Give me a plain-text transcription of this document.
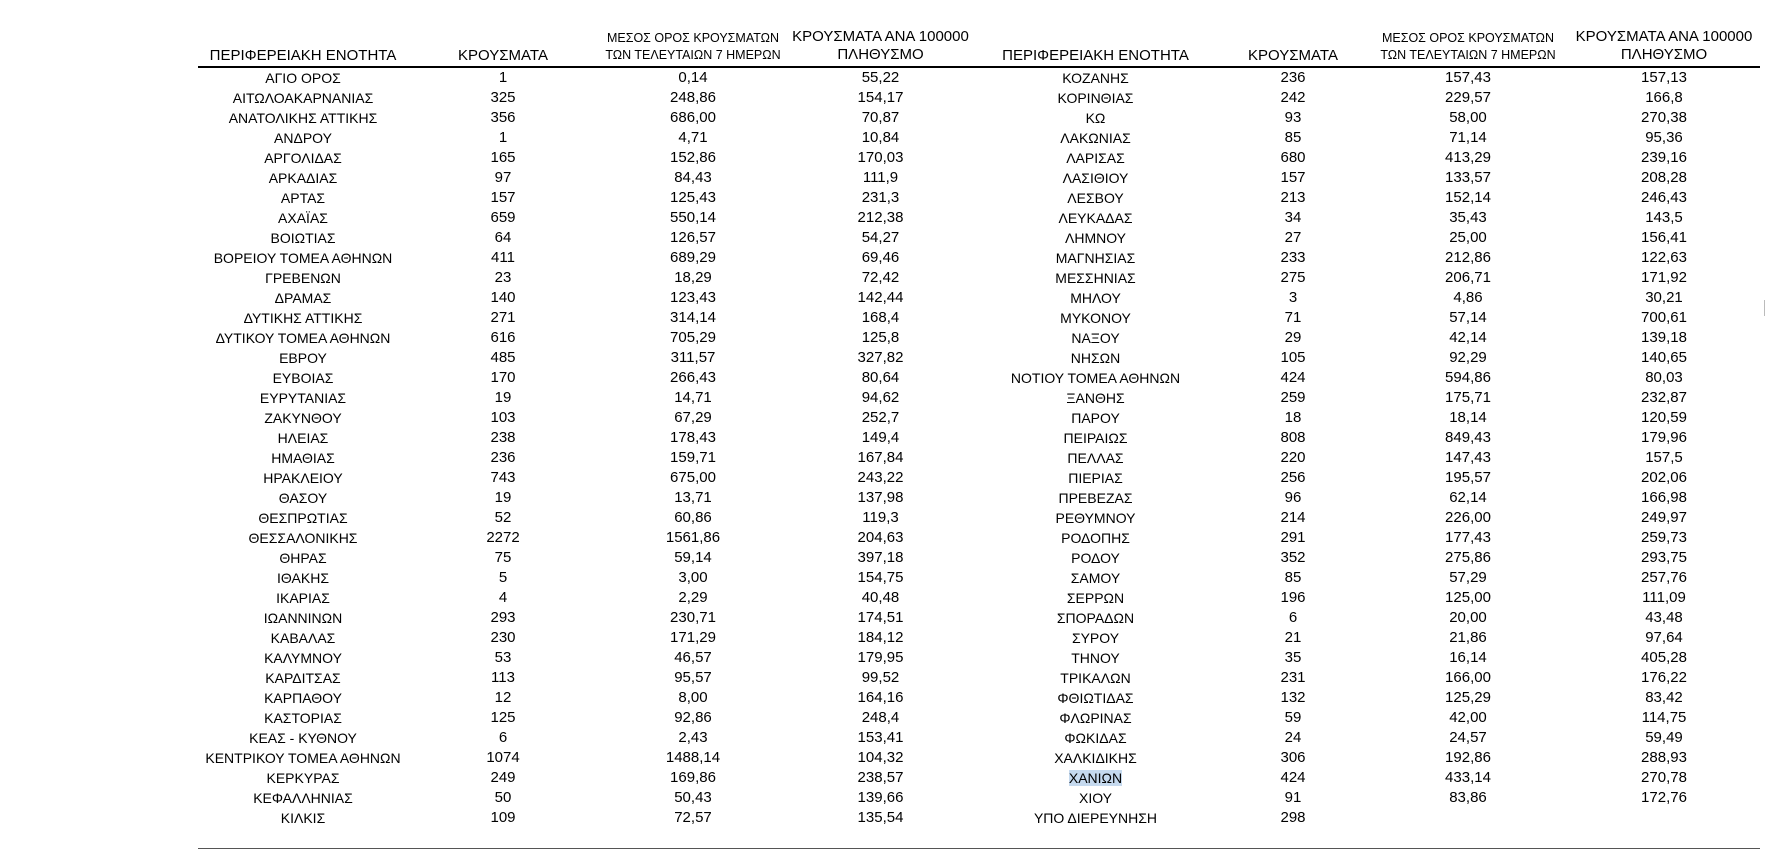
ΠΕΡΙΦΕΡΕΙΑΚΗ ΕΝΟΤΗΤΑ	ΚΡΟΥΣΜΑΤΑ	ΜΕΣΟΣ ΟΡΟΣ ΚΡΟΥΣΜΑΤΩΝ
ΤΩΝ ΤΕΛΕΥΤΑΙΩΝ 7 ΗΜΕΡΩΝ	ΚΡΟΥΣΜΑΤΑ ΑΝΑ 100000
ΠΛΗΘΥΣΜΟ	ΠΕΡΙΦΕΡΕΙΑΚΗ ΕΝΟΤΗΤΑ	ΚΡΟΥΣΜΑΤΑ	ΜΕΣΟΣ ΟΡΟΣ ΚΡΟΥΣΜΑΤΩΝ
ΤΩΝ ΤΕΛΕΥΤΑΙΩΝ 7 ΗΜΕΡΩΝ	ΚΡΟΥΣΜΑΤΑ ΑΝΑ 100000
ΠΛΗΘΥΣΜΟ
ΑΓΙΟ ΟΡΟΣ	1	0,14	55,22	ΚΟΖΑΝΗΣ	236	157,43	157,13
ΑΙΤΩΛΟΑΚΑΡΝΑΝΙΑΣ	325	248,86	154,17	ΚΟΡΙΝΘΙΑΣ	242	229,57	166,8
ΑΝΑΤΟΛΙΚΗΣ ΑΤΤΙΚΗΣ	356	686,00	70,87	ΚΩ	93	58,00	270,38
ΑΝΔΡΟΥ	1	4,71	10,84	ΛΑΚΩΝΙΑΣ	85	71,14	95,36
ΑΡΓΟΛΙΔΑΣ	165	152,86	170,03	ΛΑΡΙΣΑΣ	680	413,29	239,16
ΑΡΚΑΔΙΑΣ	97	84,43	111,9	ΛΑΣΙΘΙΟΥ	157	133,57	208,28
ΑΡΤΑΣ	157	125,43	231,3	ΛΕΣΒΟΥ	213	152,14	246,43
ΑΧΑΪΑΣ	659	550,14	212,38	ΛΕΥΚΑΔΑΣ	34	35,43	143,5
ΒΟΙΩΤΙΑΣ	64	126,57	54,27	ΛΗΜΝΟΥ	27	25,00	156,41
ΒΟΡΕΙΟΥ ΤΟΜΕΑ ΑΘΗΝΩΝ	411	689,29	69,46	ΜΑΓΝΗΣΙΑΣ	233	212,86	122,63
ΓΡΕΒΕΝΩΝ	23	18,29	72,42	ΜΕΣΣΗΝΙΑΣ	275	206,71	171,92
ΔΡΑΜΑΣ	140	123,43	142,44	ΜΗΛΟΥ	3	4,86	30,21
ΔΥΤΙΚΗΣ ΑΤΤΙΚΗΣ	271	314,14	168,4	ΜΥΚΟΝΟΥ	71	57,14	700,61
ΔΥΤΙΚΟΥ ΤΟΜΕΑ ΑΘΗΝΩΝ	616	705,29	125,8	ΝΑΞΟΥ	29	42,14	139,18
ΕΒΡΟΥ	485	311,57	327,82	ΝΗΣΩΝ	105	92,29	140,65
ΕΥΒΟΙΑΣ	170	266,43	80,64	ΝΟΤΙΟΥ ΤΟΜΕΑ ΑΘΗΝΩΝ	424	594,86	80,03
ΕΥΡΥΤΑΝΙΑΣ	19	14,71	94,62	ΞΑΝΘΗΣ	259	175,71	232,87
ΖΑΚΥΝΘΟΥ	103	67,29	252,7	ΠΑΡΟΥ	18	18,14	120,59
ΗΛΕΙΑΣ	238	178,43	149,4	ΠΕΙΡΑΙΩΣ	808	849,43	179,96
ΗΜΑΘΙΑΣ	236	159,71	167,84	ΠΕΛΛΑΣ	220	147,43	157,5
ΗΡΑΚΛΕΙΟΥ	743	675,00	243,22	ΠΙΕΡΙΑΣ	256	195,57	202,06
ΘΑΣΟΥ	19	13,71	137,98	ΠΡΕΒΕΖΑΣ	96	62,14	166,98
ΘΕΣΠΡΩΤΙΑΣ	52	60,86	119,3	ΡΕΘΥΜΝΟΥ	214	226,00	249,97
ΘΕΣΣΑΛΟΝΙΚΗΣ	2272	1561,86	204,63	ΡΟΔΟΠΗΣ	291	177,43	259,73
ΘΗΡΑΣ	75	59,14	397,18	ΡΟΔΟΥ	352	275,86	293,75
ΙΘΑΚΗΣ	5	3,00	154,75	ΣΑΜΟΥ	85	57,29	257,76
ΙΚΑΡΙΑΣ	4	2,29	40,48	ΣΕΡΡΩΝ	196	125,00	111,09
ΙΩΑΝΝΙΝΩΝ	293	230,71	174,51	ΣΠΟΡΑΔΩΝ	6	20,00	43,48
ΚΑΒΑΛΑΣ	230	171,29	184,12	ΣΥΡΟΥ	21	21,86	97,64
ΚΑΛΥΜΝΟΥ	53	46,57	179,95	ΤΗΝΟΥ	35	16,14	405,28
ΚΑΡΔΙΤΣΑΣ	113	95,57	99,52	ΤΡΙΚΑΛΩΝ	231	166,00	176,22
ΚΑΡΠΑΘΟΥ	12	8,00	164,16	ΦΘΙΩΤΙΔΑΣ	132	125,29	83,42
ΚΑΣΤΟΡΙΑΣ	125	92,86	248,4	ΦΛΩΡΙΝΑΣ	59	42,00	114,75
ΚΕΑΣ - ΚΥΘΝΟΥ	6	2,43	153,41	ΦΩΚΙΔΑΣ	24	24,57	59,49
ΚΕΝΤΡΙΚΟΥ ΤΟΜΕΑ ΑΘΗΝΩΝ	1074	1488,14	104,32	ΧΑΛΚΙΔΙΚΗΣ	306	192,86	288,93
ΚΕΡΚΥΡΑΣ	249	169,86	238,57	ΧΑΝΙΩΝ	424	433,14	270,78
ΚΕΦΑΛΛΗΝΙΑΣ	50	50,43	139,66	ΧΙΟΥ	91	83,86	172,76
ΚΙΛΚΙΣ	109	72,57	135,54	ΥΠΟ ΔΙΕΡΕΥΝΗΣΗ	298		
